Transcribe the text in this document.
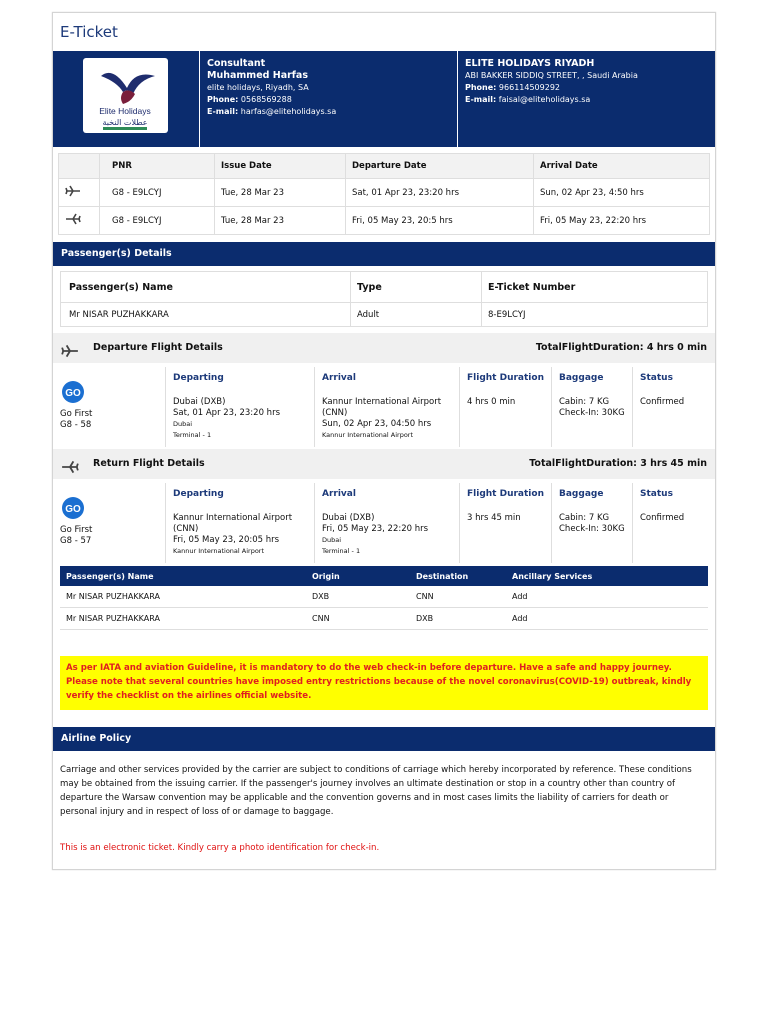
E-Ticket
Elite Holidays
عطلات النخبة
Consultant
Muhammed Harfas
elite holidays, Riyadh, SA
Phone: 0568569288
E-mail: harfas@eliteholidays.sa
ELITE HOLIDAYS RIYADH
ABI BAKKER SIDDIQ STREET, , Saudi Arabia
Phone: 966114509292
E-mail: faisal@eliteholidays.sa
	PNR	Issue Date	Departure Date	Arrival Date
	G8 - E9LCYJ	Tue, 28 Mar 23	Sat, 01 Apr 23, 23:20 hrs	Sun, 02 Apr 23, 4:50 hrs
	G8 - E9LCYJ	Tue, 28 Mar 23	Fri, 05 May 23, 20:5 hrs	Fri, 05 May 23, 22:20 hrs
Passenger(s) Details
Passenger(s) Name	Type	E-Ticket Number
Mr NISAR PUZHAKKARA	Adult	8-E9LCYJ
Departure Flight Details	TotalFlightDuration: 4 hrs 0 min
GO
Go First
G8 - 58
Departing
Dubai (DXB)
Sat, 01 Apr 23, 23:20 hrs
Dubai
Terminal - 1
Arrival
Kannur International Airport
(CNN)
Sun, 02 Apr 23, 04:50 hrs
Kannur International Airport
Flight Duration
4 hrs 0 min
Baggage
Cabin: 7 KG
Check-In: 30KG
Status
Confirmed
Return Flight Details	TotalFlightDuration: 3 hrs 45 min
GO
Go First
G8 - 57
Departing
Kannur International Airport
(CNN)
Fri, 05 May 23, 20:05 hrs
Kannur International Airport
Arrival
Dubai (DXB)
Fri, 05 May 23, 22:20 hrs
Dubai
Terminal - 1
Flight Duration
3 hrs 45 min
Baggage
Cabin: 7 KG
Check-In: 30KG
Status
Confirmed
Passenger(s) Name	Origin	Destination	Ancillary Services
Mr NISAR PUZHAKKARA	DXB	CNN	Add
Mr NISAR PUZHAKKARA	CNN	DXB	Add
As per IATA and aviation Guideline, it is mandatory to do the web check-in before departure. Have a safe and happy journey. Please note that several countries have imposed entry restrictions because of the novel coronavirus(COVID-19) outbreak, kindly verify the checklist on the airlines official website.
Airline Policy
Carriage and other services provided by the carrier are subject to conditions of carriage which hereby incorporated by reference. These conditions may be obtained from the issuing carrier. If the passenger's journey involves an ultimate destination or stop in a country other than country of departure the Warsaw convention may be applicable and the convention governs and in most cases limits the liability of carriers for death or personal injury and in respect of loss of or damage to baggage.
This is an electronic ticket. Kindly carry a photo identification for check-in.
